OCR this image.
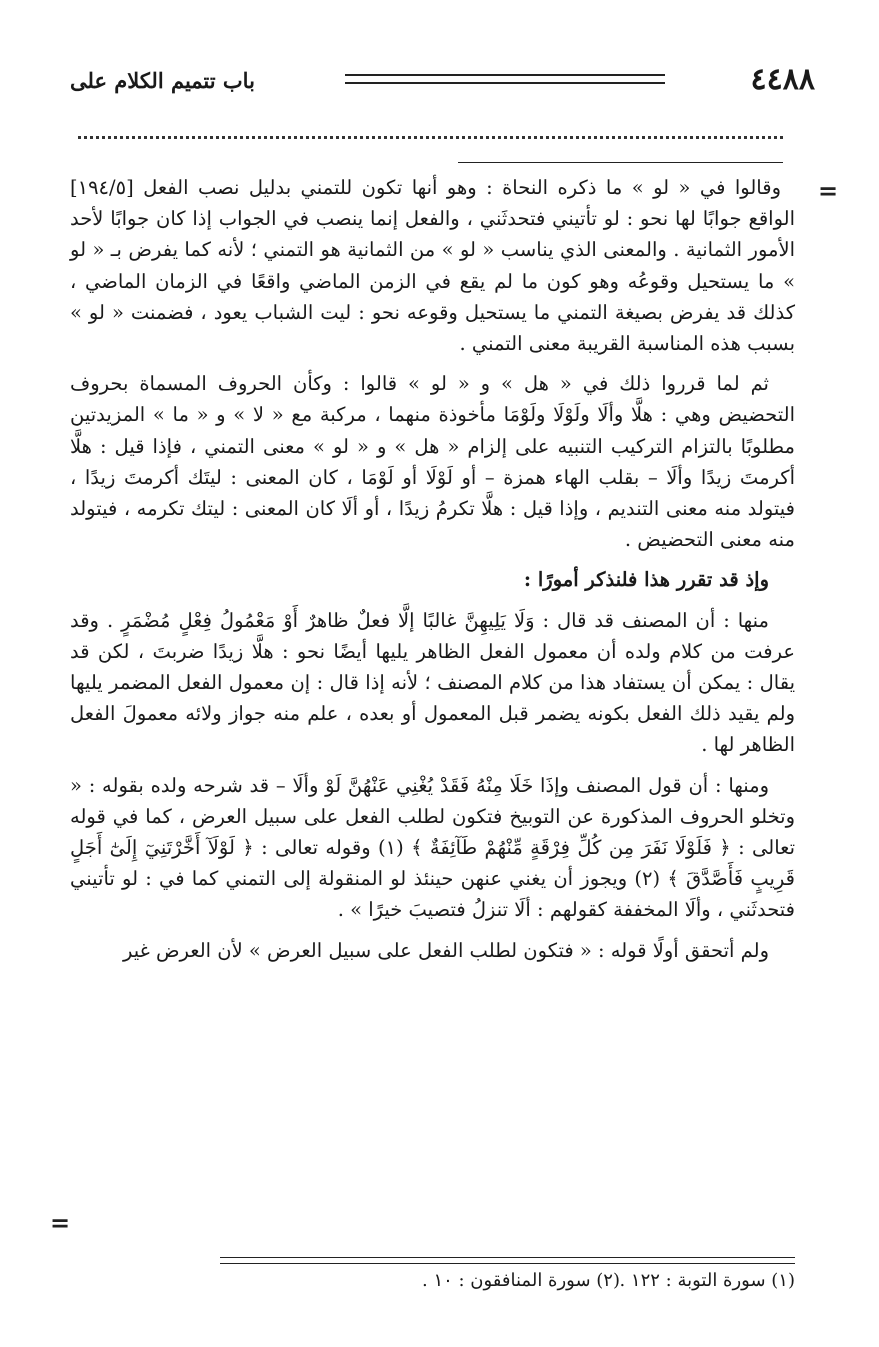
٤٤٨٨
باب تتميم الكلام على
=
=

وقالوا في « لو » ما ذكره النحاة : وهو أنها تكون للتمني بدليل نصب الفعل [١٩٤/٥] الواقع جوابًا لها نحو : لو تأتيني فتحدثَني ، والفعل إنما ينصب في الجواب إذا كان جوابًا لأحد الأمور الثمانية . والمعنى الذي يناسب « لو » من الثمانية هو التمني ؛ لأنه كما يفرض بـ « لو » ما يستحيل وقوعُه وهو كون ما لم يقع في الزمن الماضي واقعًا في الزمان الماضي ، كذلك قد يفرض بصيغة التمني ما يستحيل وقوعه نحو : ليت الشباب يعود ، فضمنت « لو » بسبب هذه المناسبة القريبة معنى التمني .

ثم لما قرروا ذلك في « هل » و « لو » قالوا : وكأن الحروف المسماة بحروف التحضيض وهي : هلَّا وألَا ولَوْلَا ولَوْمَا مأخوذة منهما ، مركبة مع « لا » و « ما » المزيدتين مطلوبًا بالتزام التركيب التنبيه على إلزام « هل » و « لو » معنى التمني ، فإذا قيل : هلَّا أكرمتَ زيدًا وألَا – بقلب الهاء همزة – أو لَوْلَا أو لَوْمَا ، كان المعنى : ليتَك أكرمتَ زيدًا ، فيتولد منه معنى التنديم ، وإذا قيل : هلَّا تكرمُ زيدًا ، أو ألَا كان المعنى : ليتك تكرمه ، فيتولد منه معنى التحضيض .

وإذ قد تقرر هذا فلنذكر أمورًا :

منها : أن المصنف قد قال : وَلَا يَلِيهِنَّ غالبًا إلَّا فعلٌ ظاهرٌ أَوْ مَعْمُولُ فِعْلٍ مُضْمَرٍ . وقد عرفت من كلام ولده أن معمول الفعل الظاهر يليها أيضًا نحو : هلَّا زيدًا ضربتَ ، لكن قد يقال : يمكن أن يستفاد هذا من كلام المصنف ؛ لأنه إذا قال : إن معمول الفعل المضمر يليها ولم يقيد ذلك الفعل بكونه يضمر قبل المعمول أو بعده ، علم منه جواز ولائه معمولَ الفعل الظاهر لها .

ومنها : أن قول المصنف وإذَا خَلَا مِنْهُ فَقَدْ يُغْنِي عَنْهُنَّ لَوْ وألَا – قد شرحه ولده بقوله : « وتخلو الحروف المذكورة عن التوبيخ فتكون لطلب الفعل على سبيل العرض ، كما في قوله تعالى : ﴿ فَلَوْلَا نَفَرَ مِن كُلِّ فِرْقَةٍ مِّنْهُمْ طَآئِفَةٌ ﴾ (١) وقوله تعالى : ﴿ لَوْلَآ أَخَّرْتَنِيٓ إِلَىٰٓ أَجَلٍ قَرِيبٍ فَأَصَّدَّقَ ﴾ (٢) ويجوز أن يغني عنهن حينئذ لو المنقولة إلى التمني كما في : لو تأتيني فتحدثَني ، وألَا المخففة كقولهم : ألَا تنزلُ فتصيبَ خيرًا » .

ولم أتحقق أولًا قوله : « فتكون لطلب الفعل على سبيل العرض » لأن العرض غير

(١) سورة التوبة : ١٢٢ .
(٢) سورة المنافقون : ١٠ .
